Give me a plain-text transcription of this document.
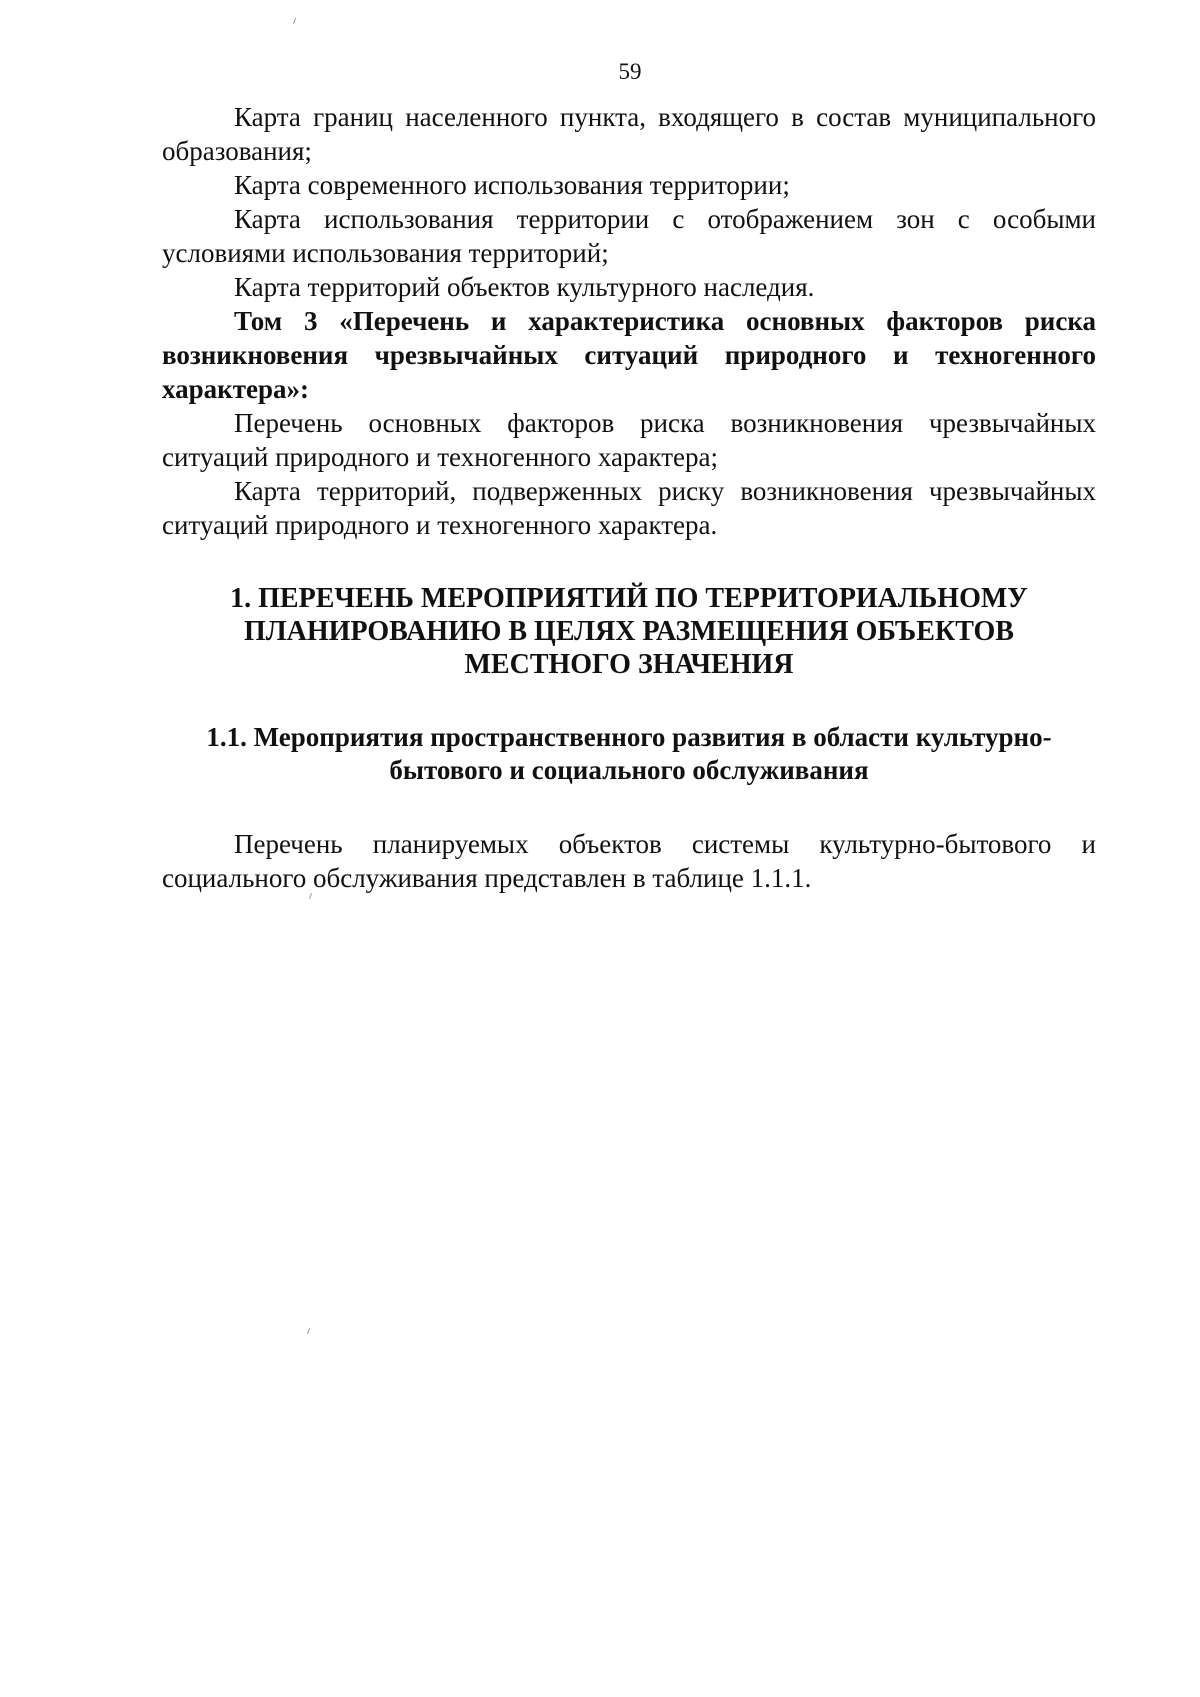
59

Карта границ населенного пункта, входящего в состав муниципального образования;

Карта современного использования территории;

Карта использования территории с отображением зон с особыми условиями использования территорий;

Карта территорий объектов культурного наследия.

Том 3 «Перечень и характеристика основных факторов риска возникновения чрезвычайных ситуаций природного и техногенного характера»:

Перечень основных факторов риска возникновения чрезвычайных ситуаций природного и техногенного характера;

Карта территорий, подверженных риску возникновения чрезвычайных ситуаций природного и техногенного характера.

1. ПЕРЕЧЕНЬ МЕРОПРИЯТИЙ ПО ТЕРРИТОРИАЛЬНОМУ
ПЛАНИРОВАНИЮ В ЦЕЛЯХ РАЗМЕЩЕНИЯ ОБЪЕКТОВ
МЕСТНОГО ЗНАЧЕНИЯ
1.1. Мероприятия пространственного развития в области культурно-
бытового и социального обслуживания

Перечень планируемых объектов системы культурно-бытового и социального обслуживания представлен в таблице 1.1.1.
